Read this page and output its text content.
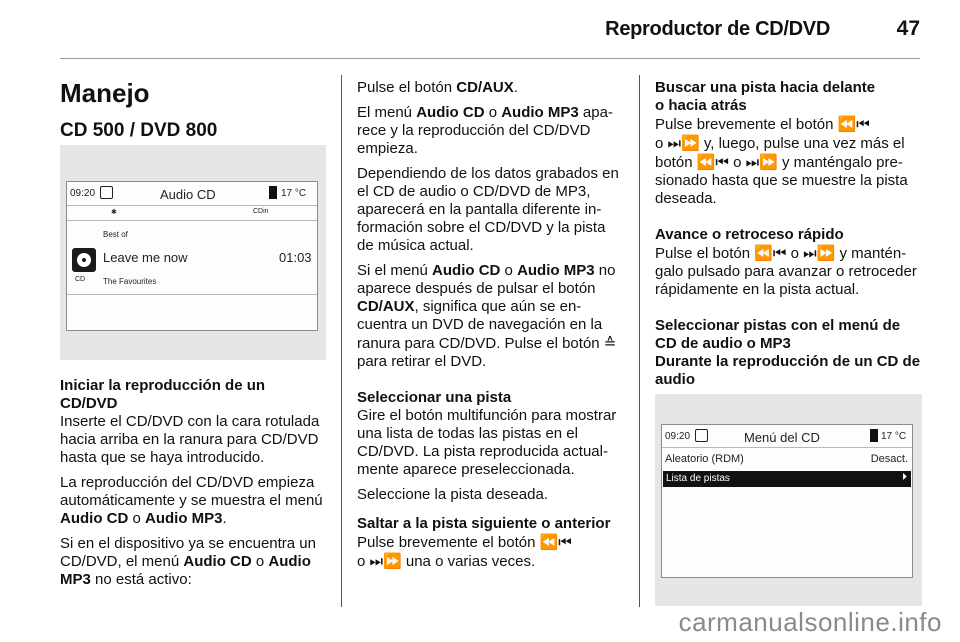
Reproductor de CD/DVD	47
Manejo
CD 500 / DVD 800
09:20	Audio CD	17 °C
✱	CDin
Best of
CD
Leave me now	01:03
The Favourites
Iniciar la reproducción de un CD/DVD

Inserte el CD/DVD con la cara rotulada hacia arriba en la ranura para CD/DVD hasta que se haya introducido.

La reproducción del CD/DVD empieza automáticamente y se muestra el menú Audio CD o Audio MP3.

Si en el dispositivo ya se encuentra un CD/DVD, el menú Audio CD o Audio MP3 no está activo:

Pulse el botón CD/AUX.

El menú Audio CD o Audio MP3 aparece y la reproducción del CD/DVD empieza.

Dependiendo de los datos grabados en el CD de audio o CD/DVD de MP3, aparecerá en la pantalla diferente información sobre el CD/DVD y la pista de música actual.

Si el menú Audio CD o Audio MP3 no aparece después de pulsar el botón CD/AUX, significa que aún se encuentra un DVD de navegación en la ranura para CD/DVD. Pulse el botón ≙ para retirar el DVD.

Seleccionar una pista

Gire el botón multifunción para mostrar una lista de todas las pistas en el CD/DVD. La pista reproducida actualmente aparece preseleccionada.

Seleccione la pista deseada.

Saltar a la pista siguiente o anterior

Pulse brevemente el botón ⏪⏮
o ⏭⏩ una o varias veces.

Buscar una pista hacia delante
o hacia atrás

Pulse brevemente el botón ⏪⏮
o ⏭⏩ y, luego, pulse una vez más el botón ⏪⏮ o ⏭⏩ y manténgalo presionado hasta que se muestre la pista deseada.

Avance o retroceso rápido

Pulse el botón ⏪⏮ o ⏭⏩ y manténgalo pulsado para avanzar o retroceder rápidamente en la pista actual.

Seleccionar pistas con el menú de
CD de audio o MP3
Durante la reproducción de un CD de
audio
09:20	Menú del CD	17 °C
Aleatorio (RDM)	Desact.
Lista de pistas	⏵
carmanualsonline.info
